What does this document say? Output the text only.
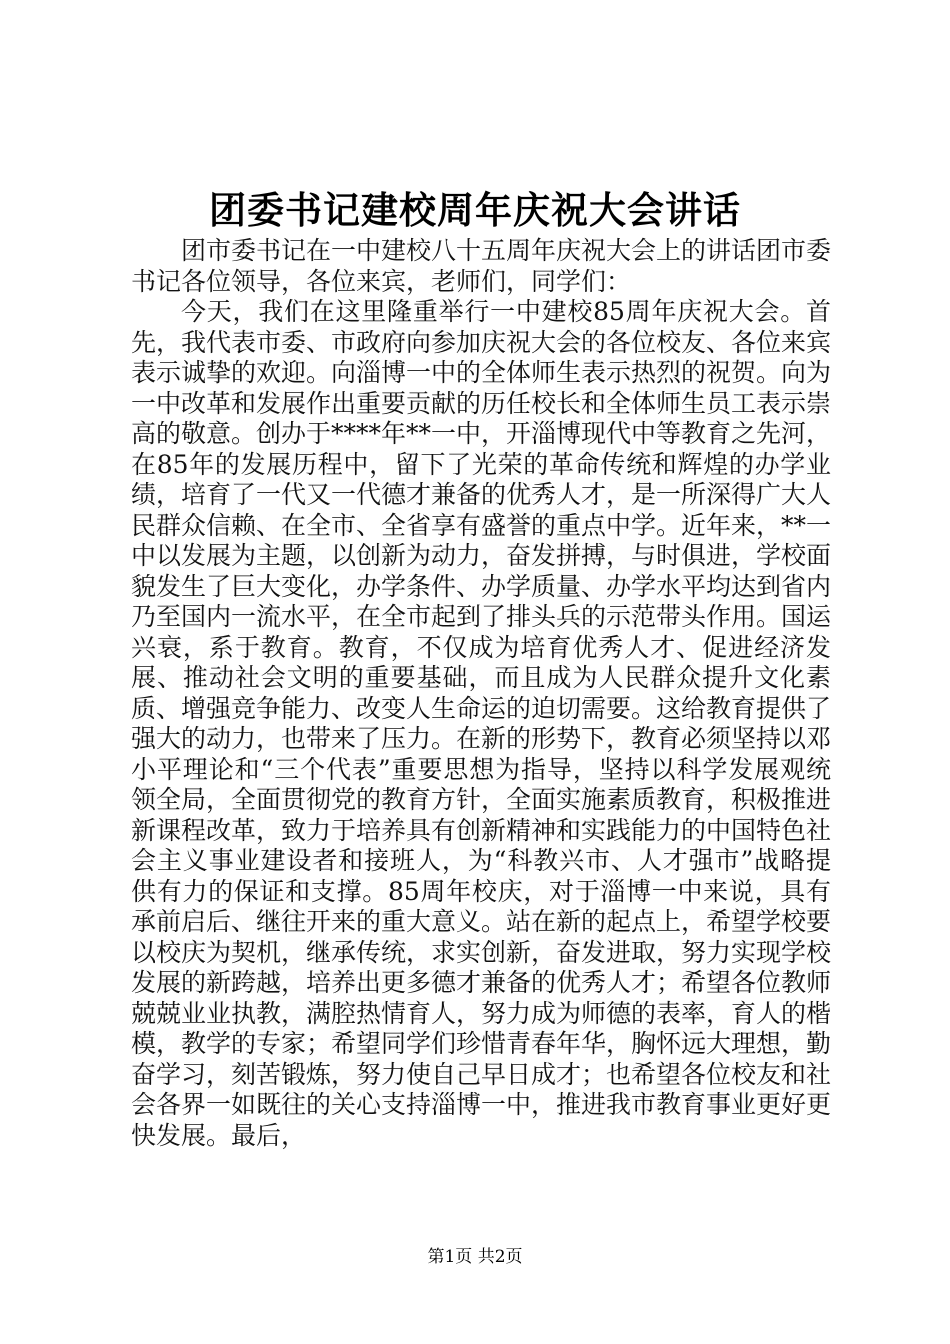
团委书记建校周年庆祝大会讲话

团市委书记在一中建校八十五周年庆祝大会上的讲话团市委书记各位领导，各位来宾，老师们，同学们：

今天，我们在这里隆重举行一中建校85周年庆祝大会。首先，我代表市委、市政府向参加庆祝大会的各位校友、各位来宾表示诚挚的欢迎。向淄博一中的全体师生表示热烈的祝贺。向为一中改革和发展作出重要贡献的历任校长和全体师生员工表示崇高的敬意。创办于****年**一中，开淄博现代中等教育之先河，在85年的发展历程中，留下了光荣的革命传统和辉煌的办学业绩，培育了一代又一代德才兼备的优秀人才，是一所深得广大人民群众信赖、在全市、全省享有盛誉的重点中学。近年来，**一中以发展为主题，以创新为动力，奋发拼搏，与时俱进，学校面貌发生了巨大变化，办学条件、办学质量、办学水平均达到省内乃至国内一流水平，在全市起到了排头兵的示范带头作用。国运兴衰，系于教育。教育，不仅成为培育优秀人才、促进经济发展、推动社会文明的重要基础，而且成为人民群众提升文化素质、增强竞争能力、改变人生命运的迫切需要。这给教育提供了强大的动力，也带来了压力。在新的形势下，教育必须坚持以邓小平理论和“三个代表”重要思想为指导，坚持以科学发展观统领全局，全面贯彻党的教育方针，全面实施素质教育，积极推进新课程改革，致力于培养具有创新精神和实践能力的中国特色社会主义事业建设者和接班人，为“科教兴市、人才强市”战略提供有力的保证和支撑。85周年校庆，对于淄博一中来说，具有承前启后、继往开来的重大意义。站在新的起点上，希望学校要以校庆为契机，继承传统，求实创新，奋发进取，努力实现学校发展的新跨越，培养出更多德才兼备的优秀人才；希望各位教师兢兢业业执教，满腔热情育人，努力成为师德的表率，育人的楷模，教学的专家；希望同学们珍惜青春年华，胸怀远大理想，勤奋学习，刻苦锻炼，努力使自己早日成才；也希望各位校友和社会各界一如既往的关心支持淄博一中，推进我市教育事业更好更快发展。最后，

第1页 共2页
